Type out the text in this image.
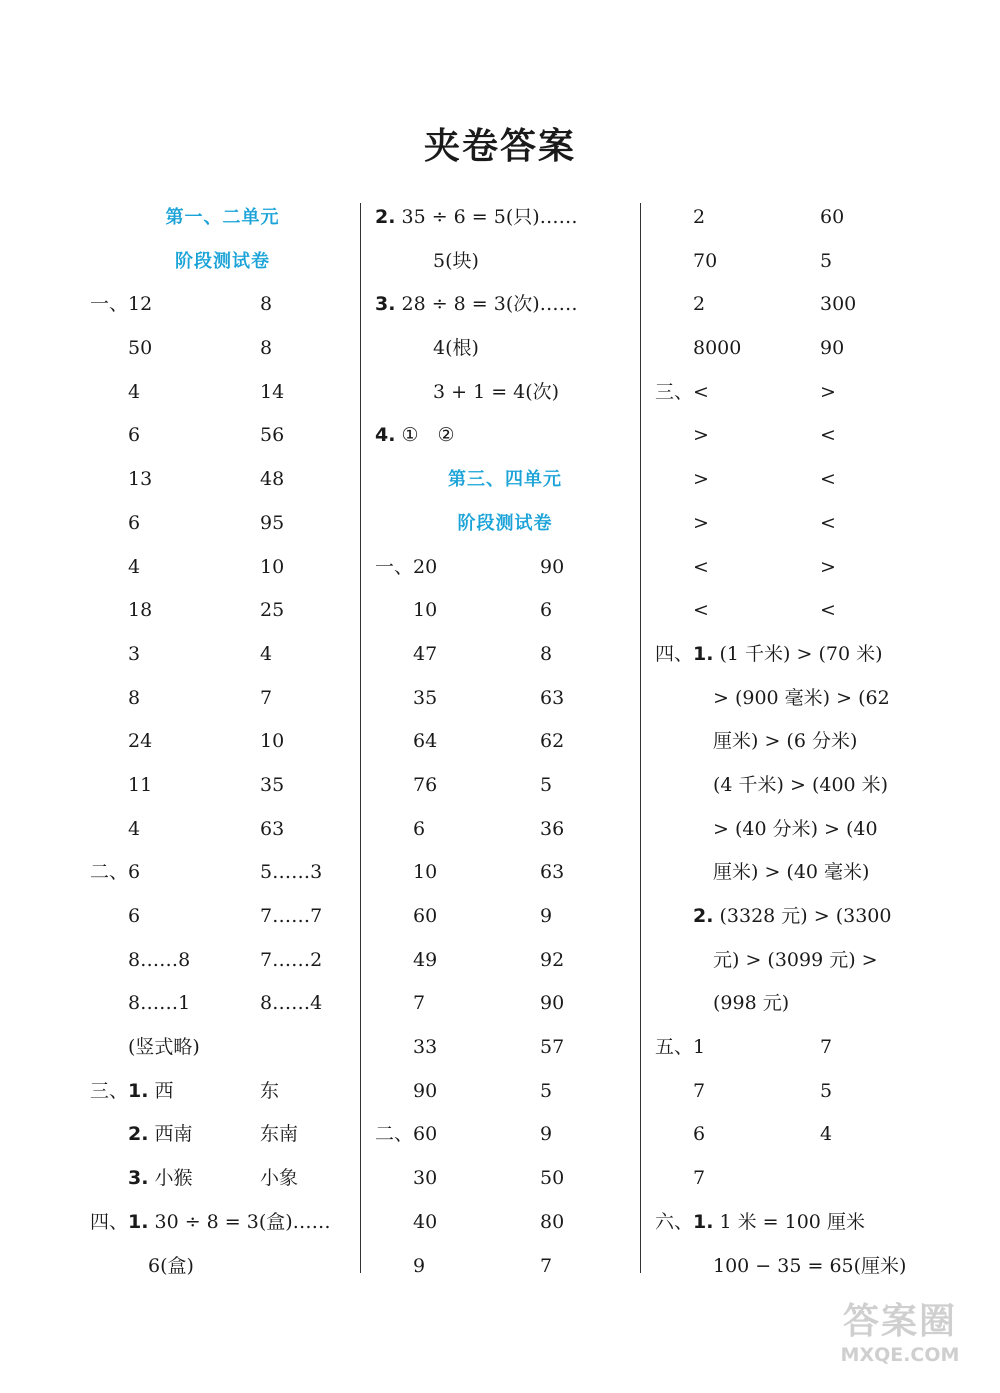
夹卷答案
第一、二单元
阶段测试卷
一、12	8
50	8
4	14
6	56
13	48
6	95
4	10
18	25
3	4
8	7
24	10
11	35
4	63
二、6	5……3
6	7……7
8……8	7……2
8……1	8……4
(竖式略)
三、1. 西	东
2. 西南	东南
3. 小猴	小象
四、1. 30 ÷ 8 = 3(盒)……
6(盒)
2. 35 ÷ 6 = 5(只)……
5(块)
3. 28 ÷ 8 = 3(次)……
4(根)
3 + 1 = 4(次)
4. ①　②
第三、四单元
阶段测试卷
一、20	90
10	6
47	8
35	63
64	62
76	5
6	36
10	63
60	9
49	92
7	90
33	57
90	5
二、60	9
30	50
40	80
9	7
2	60
70	5
2	300
8000	90
三、<	>
>	<
>	<
>	<
<	>
<	<
四、1. (1 千米) > (70 米)
> (900 毫米) > (62
厘米) > (6 分米)
(4 千米) > (400 米)
> (40 分米) > (40
厘米) > (40 毫米)
2. (3328 元) > (3300
元) > (3099 元) >
(998 元)
五、1	7
7	5
6	4
7
六、1. 1 米 = 100 厘米
100 − 35 = 65(厘米)
答案圈
MXQE.COM
